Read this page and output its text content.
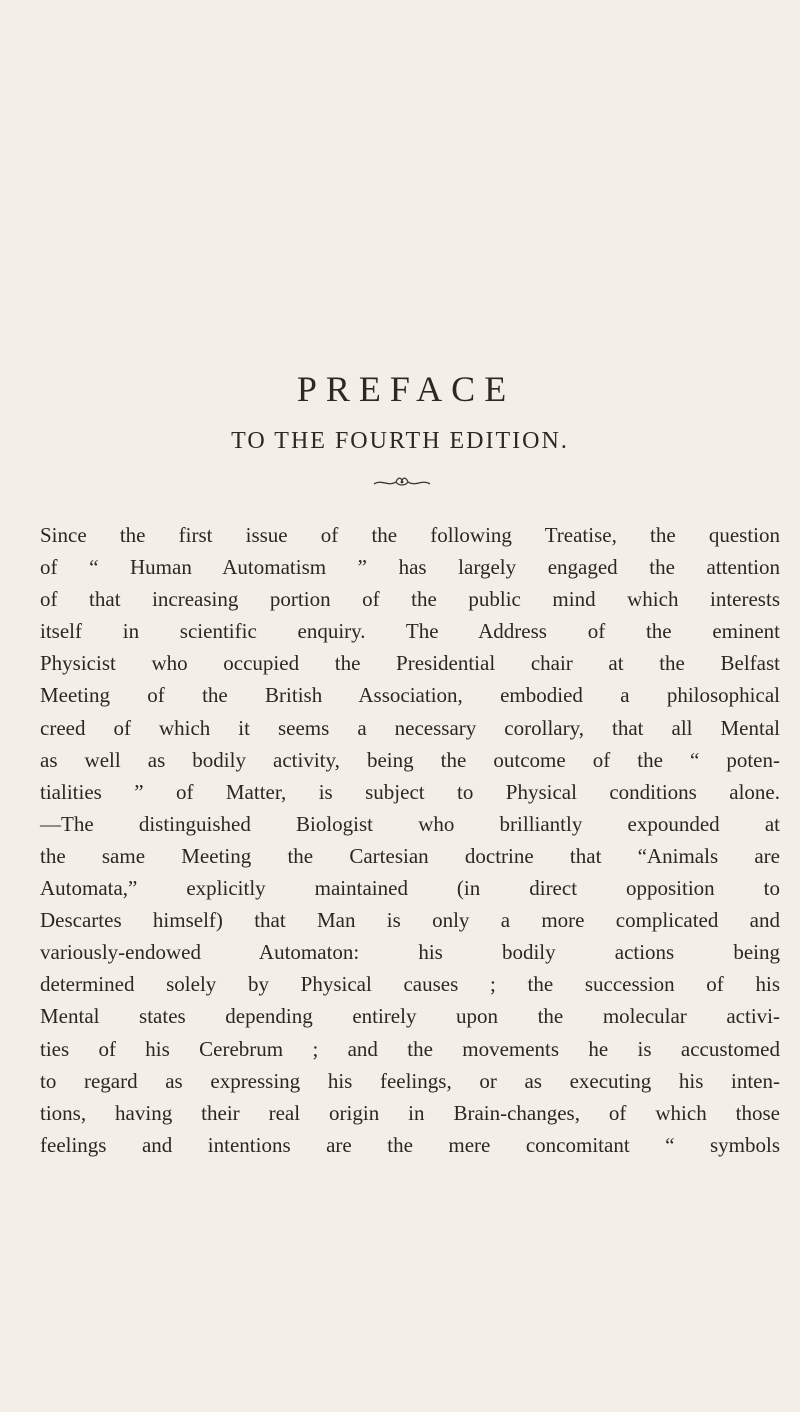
PREFACE
TO THE FOURTH EDITION.
Since the first issue of the following Treatise, the question
of “ Human Automatism ” has largely engaged the attention
of that increasing portion of the public mind which interests
itself in scientific enquiry. The Address of the eminent
Physicist who occupied the Presidential chair at the Belfast
Meeting of the British Association, embodied a philosophical
creed of which it seems a necessary corollary, that all Mental
as well as bodily activity, being the outcome of the “ poten-
tialities ” of Matter, is subject to Physical conditions alone.
—The distinguished Biologist who brilliantly expounded at
the same Meeting the Cartesian doctrine that “Animals are
Automata,” explicitly maintained (in direct opposition to
Descartes himself) that Man is only a more complicated and
variously-endowed Automaton: his bodily actions being
determined solely by Physical causes ; the succession of his
Mental states depending entirely upon the molecular activi-
ties of his Cerebrum ; and the movements he is accustomed
to regard as expressing his feelings, or as executing his inten-
tions, having their real origin in Brain-changes, of which those
feelings and intentions are the mere concomitant “ symbols
